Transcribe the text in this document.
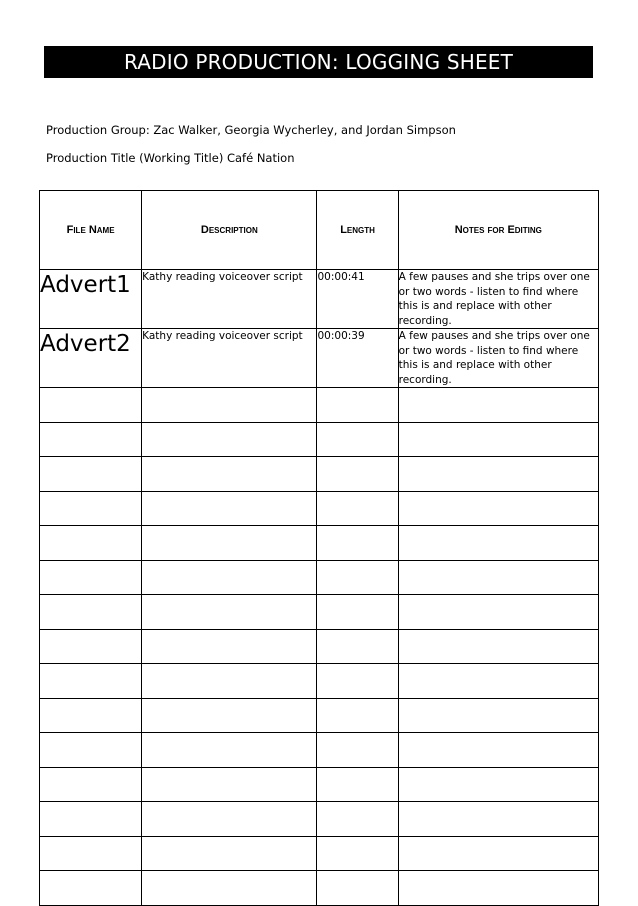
RADIO PRODUCTION: LOGGING SHEET
Production Group: Zac Walker, Georgia Wycherley, and Jordan Simpson
Production Title (Working Title) Café Nation
File Name	Description	Length	Notes for Editing
Advert1	Kathy reading voiceover script	00:00:41	A few pauses and she trips over one or two words - listen to find where this is and replace with other recording.
Advert2	Kathy reading voiceover script	00:00:39	A few pauses and she trips over one or two words - listen to find where this is and replace with other recording.
